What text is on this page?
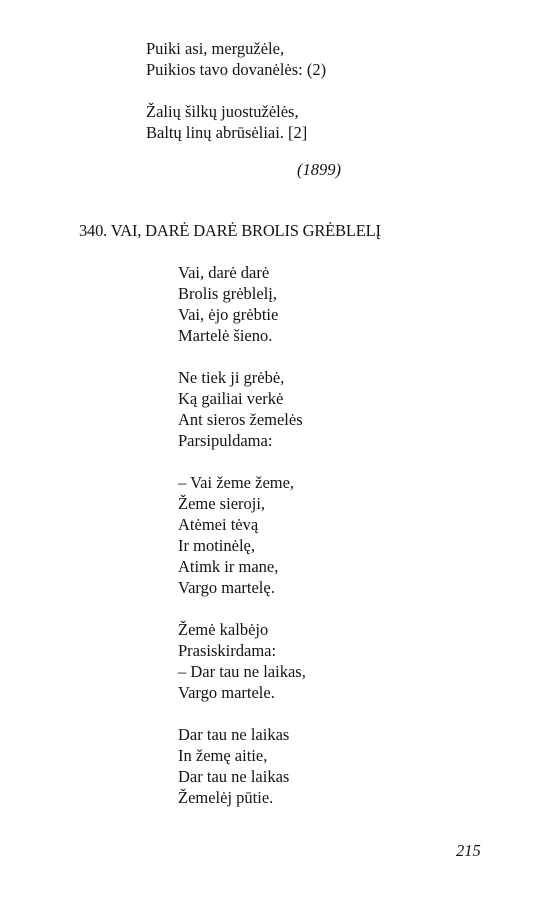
Puiki asi, mergužėle,
Puikios tavo dovanėlės: (2)
Žalių šilkų juostužėlės,
Baltų linų abrūsėliai. [2]
(1899)
340. VAI, DARĖ DARĖ BROLIS GRĖBLELĮ
Vai, darė darė
Brolis grėblelį,
Vai, ėjo grėbtie
Martelė šieno.
Ne tiek ji grėbė,
Ką gailiai verkė
Ant sieros žemelės
Parsipuldama:
– Vai žeme žeme,
Žeme sieroji,
Atėmei tėvą
Ir motinėlę,
Atimk ir mane,
Vargo martelę.
Žemė kalbėjo
Prasiskirdama:
– Dar tau ne laikas,
Vargo martele.
Dar tau ne laikas
In žemę aitie,
Dar tau ne laikas
Žemelėj pūtie.
215
